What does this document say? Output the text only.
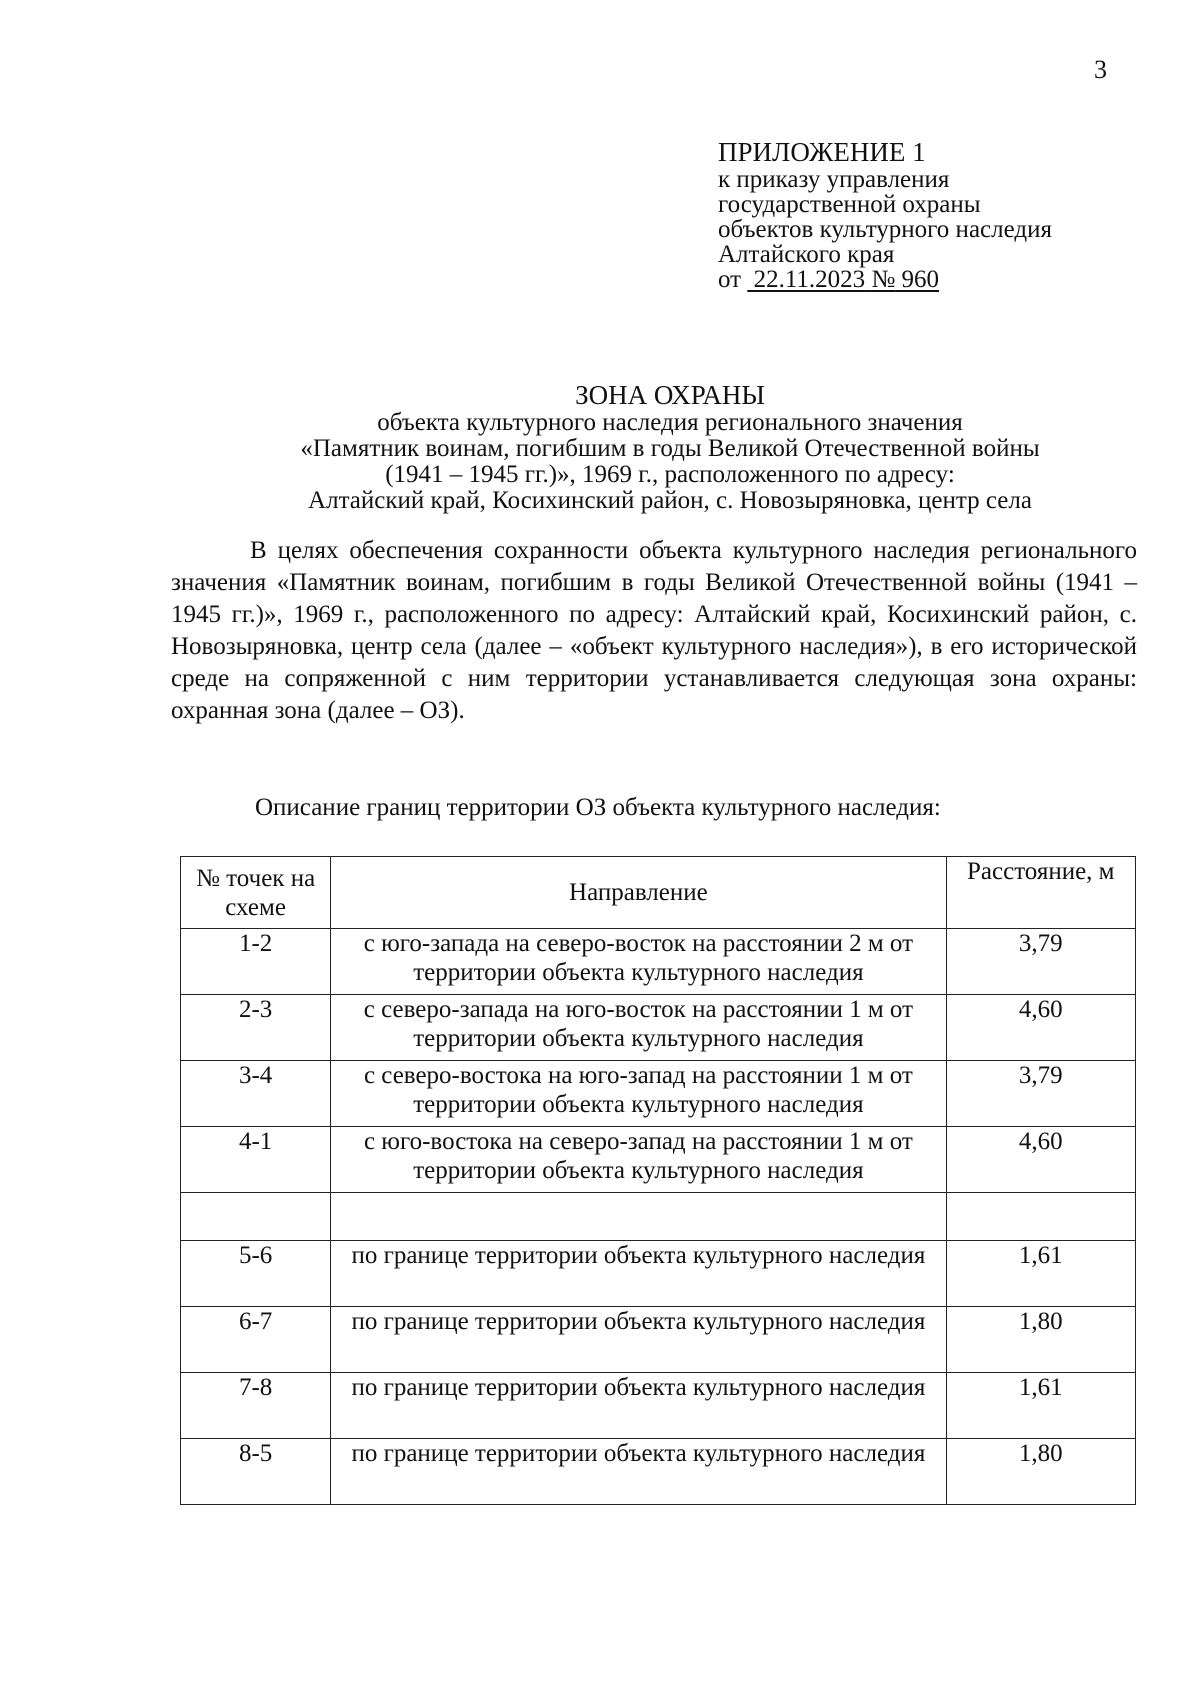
3
ПРИЛОЖЕНИЕ 1
к приказу управления
государственной охраны
объектов культурного наследия
Алтайского края
от 22.11.2023 № 960
ЗОНА ОХРАНЫ
объекта культурного наследия регионального значения
«Памятник воинам, погибшим в годы Великой Отечественной войны
(1941 – 1945 гг.)», 1969 г., расположенного по адресу:
Алтайский край, Косихинский район, с. Новозыряновка, центр села

В целях обеспечения сохранности объекта культурного наследия регионального значения «Памятник воинам, погибшим в годы Великой Отечественной войны (1941 – 1945 гг.)», 1969 г., расположенного по адресу: Алтайский край, Косихинский район, с. Новозыряновка, центр села (далее – «объект культурного наследия»), в его исторической среде на сопряженной с ним территории устанавливается следующая зона охраны: охранная зона (далее – ОЗ).

Описание границ территории ОЗ объекта культурного наследия:
№ точек на схеме	Направление	Расстояние, м
1-2	с юго-запада на северо-восток на расстоянии 2 м от территории объекта культурного наследия	3,79
2-3	с северо-запада на юго-восток на расстоянии 1 м от территории объекта культурного наследия	4,60
3-4	с северо-востока на юго-запад на расстоянии 1 м от территории объекта культурного наследия	3,79
4-1	с юго-востока на северо-запад на расстоянии 1 м от территории объекта культурного наследия	4,60

5-6	по границе территории объекта культурного наследия	1,61
6-7	по границе территории объекта культурного наследия	1,80
7-8	по границе территории объекта культурного наследия	1,61
8-5	по границе территории объекта культурного наследия	1,80
